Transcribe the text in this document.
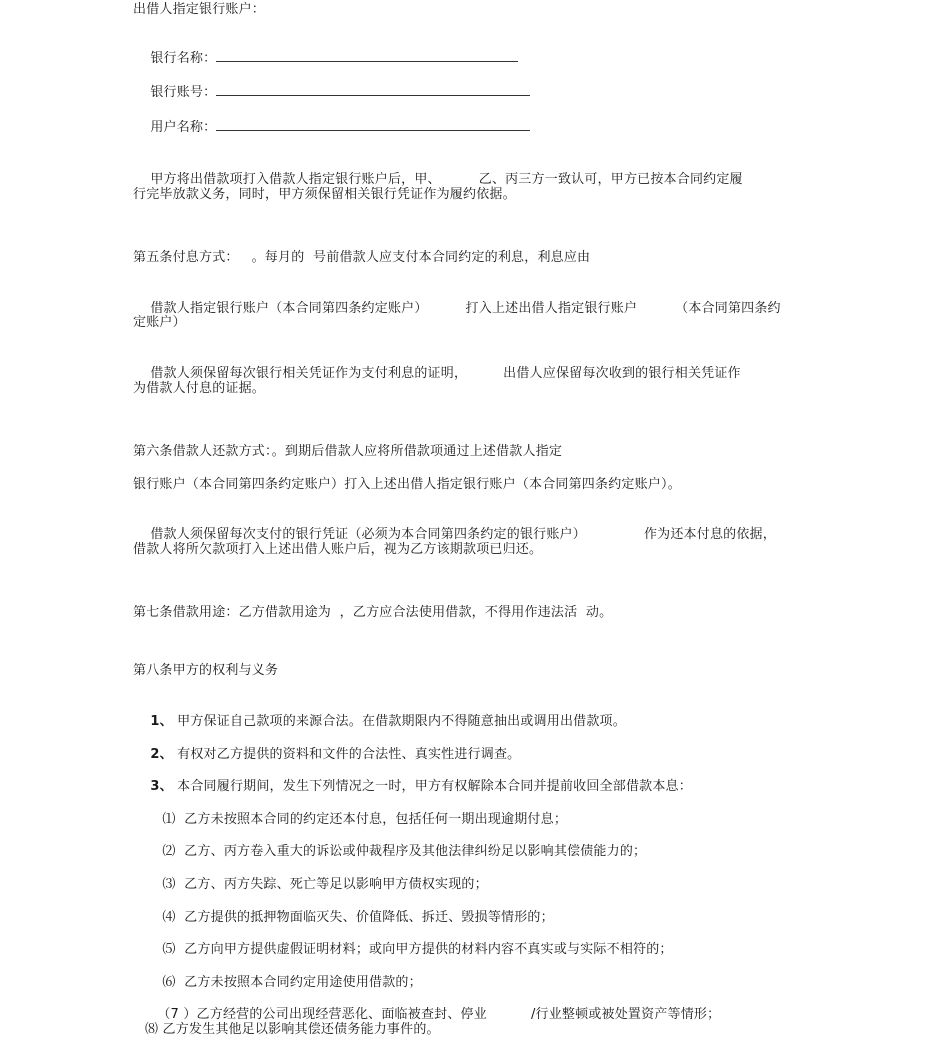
出借人指定银行账户：

银行名称：

银行账号：

用户名称：

甲方将出借款项打入借款人指定银行账户后，甲、	乙、丙三方一致认可，甲方已按本合同约定履

行完毕放款义务，同时，甲方须保留相关银行凭证作为履约依据。
第五条付息方式：   。每月的  号前借款人应支付本合同约定的利息，利息应由

借款人指定银行账户（本合同第四条约定账户）	打入上述出借人指定银行账户	（本合同第四条约

定账户）

借款人须保留每次银行相关凭证作为支付利息的证明，	出借人应保留每次收到的银行相关凭证作

为借款人付息的证据。
第六条借款人还款方式：。到期后借款人应将所借款项通过上述借款人指定
银行账户（本合同第四条约定账户）打入上述出借人指定银行账户（本合同第四条约定账户）。

借款人须保留每次支付的银行凭证（必须为本合同第四条约定的银行账户）	作为还本付息的依据，

借款人将所欠款项打入上述出借人账户后，视为乙方该期款项已归还。
第七条借款用途：乙方借款用途为  ，乙方应合法使用借款，不得用作违法活  动。
第八条甲方的权利与义务

1、 甲方保证自己款项的来源合法。在借款期限内不得随意抽出或调用出借款项。

2、 有权对乙方提供的资料和文件的合法性、真实性进行调查。

3、 本合同履行期间，发生下列情况之一时，甲方有权解除本合同并提前收回全部借款本息：

⑴ 乙方未按照本合同的约定还本付息，包括任何一期出现逾期付息；

⑵ 乙方、丙方卷入重大的诉讼或仲裁程序及其他法律纠纷足以影响其偿债能力的；

⑶ 乙方、丙方失踪、死亡等足以影响甲方债权实现的；

⑷ 乙方提供的抵押物面临灭失、价值降低、拆迁、毁损等情形的；

⑸ 乙方向甲方提供虚假证明材料；或向甲方提供的材料内容不真实或与实际不相符的；

⑹ 乙方未按照本合同约定用途使用借款的；

（7 ）乙方经营的公司出现经营恶化、面临被查封、停业	/行业整顿或被处置资产等情形；

⑻ 乙方发生其他足以影响其偿还债务能力事件的。
